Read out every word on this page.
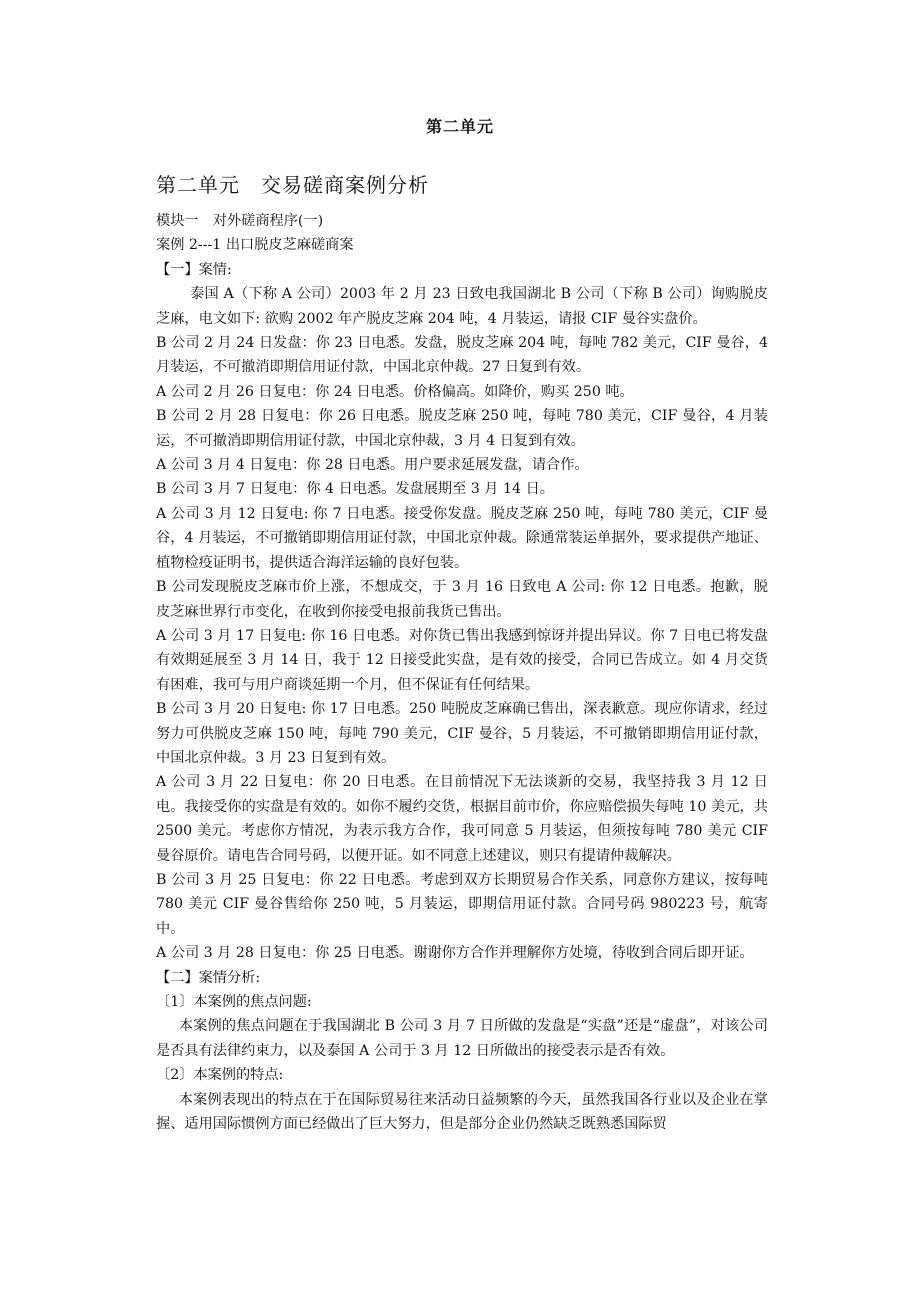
第二单元
第二单元　交易磋商案例分析

模块一　对外磋商程序(一)

案例 2---1 出口脱皮芝麻磋商案

【一】案情:

泰国 A（下称 A 公司）2003 年 2 月 23 日致电我国湖北 B 公司（下称 B 公司）询购脱皮芝麻，电文如下: 欲购 2002 年产脱皮芝麻 204 吨，4 月装运，请报 CIF 曼谷实盘价。

B 公司 2 月 24 日发盘：你 23 日电悉。发盘，脱皮芝麻 204 吨，每吨 782 美元，CIF 曼谷，4 月装运，不可撤消即期信用证付款，中国北京仲裁。27 日复到有效。

A 公司 2 月 26 日复电：你 24 日电悉。价格偏高。如降价，购买 250 吨。

B 公司 2 月 28 日复电：你 26 日电悉。脱皮芝麻 250 吨，每吨 780 美元，CIF 曼谷，4 月装运，不可撤消即期信用证付款，中国北京仲裁，3 月 4 日复到有效。

A 公司 3 月 4 日复电：你 28 日电悉。用户要求延展发盘，请合作。

B 公司 3 月 7 日复电：你 4 日电悉。发盘展期至 3 月 14 日。

A 公司 3 月 12 日复电: 你 7 日电悉。接受你发盘。脱皮芝麻 250 吨，每吨 780 美元，CIF 曼谷，4 月装运，不可撤销即期信用证付款，中国北京仲裁。除通常装运单据外，要求提供产地证、植物检疫证明书，提供适合海洋运输的良好包装。

B 公司发现脱皮芝麻市价上涨，不想成交，于 3 月 16 日致电 A 公司: 你 12 日电悉。抱歉，脱皮芝麻世界行市变化，在收到你接受电报前我货已售出。

A 公司 3 月 17 日复电: 你 16 日电悉。对你货已售出我感到惊讶并提出异议。你 7 日电已将发盘有效期延展至 3 月 14 日，我于 12 日接受此实盘，是有效的接受，合同已告成立。如 4 月交货有困难，我可与用户商谈延期一个月，但不保证有任何结果。

B 公司 3 月 20 日复电: 你 17 日电悉。250 吨脱皮芝麻确已售出，深表歉意。现应你请求，经过努力可供脱皮芝麻 150 吨，每吨 790 美元，CIF 曼谷，5 月装运，不可撤销即期信用证付款，中国北京仲裁。3 月 23 日复到有效。

A 公司 3 月 22 日复电：你 20 日电悉。在目前情况下无法谈新的交易，我坚持我 3 月 12 日电。我接受你的实盘是有效的。如你不履约交货，根据目前市价，你应赔偿损失每吨 10 美元，共 2500 美元。考虑你方情况，为表示我方合作，我可同意 5 月装运，但须按每吨 780 美元 CIF 曼谷原价。请电告合同号码，以便开证。如不同意上述建议，则只有提请仲裁解决。

B 公司 3 月 25 日复电：你 22 日电悉。考虑到双方长期贸易合作关系，同意你方建议，按每吨 780 美元 CIF 曼谷售给你 250 吨，5 月装运，即期信用证付款。合同号码 980223 号，航寄中。

A 公司 3 月 28 日复电：你 25 日电悉。谢谢你方合作并理解你方处境，待收到合同后即开证。

【二】案情分析:

〔1〕本案例的焦点问题:

本案例的焦点问题在于我国湖北 B 公司 3 月 7 日所做的发盘是“实盘”还是“虚盘”，对该公司是否具有法律约束力，以及泰国 A 公司于 3 月 12 日所做出的接受表示是否有效。

〔2〕本案例的特点:

本案例表现出的特点在于在国际贸易往来活动日益频繁的今天，虽然我国各行业以及企业在掌握、适用国际惯例方面已经做出了巨大努力，但是部分企业仍然缺乏既熟悉国际贸
